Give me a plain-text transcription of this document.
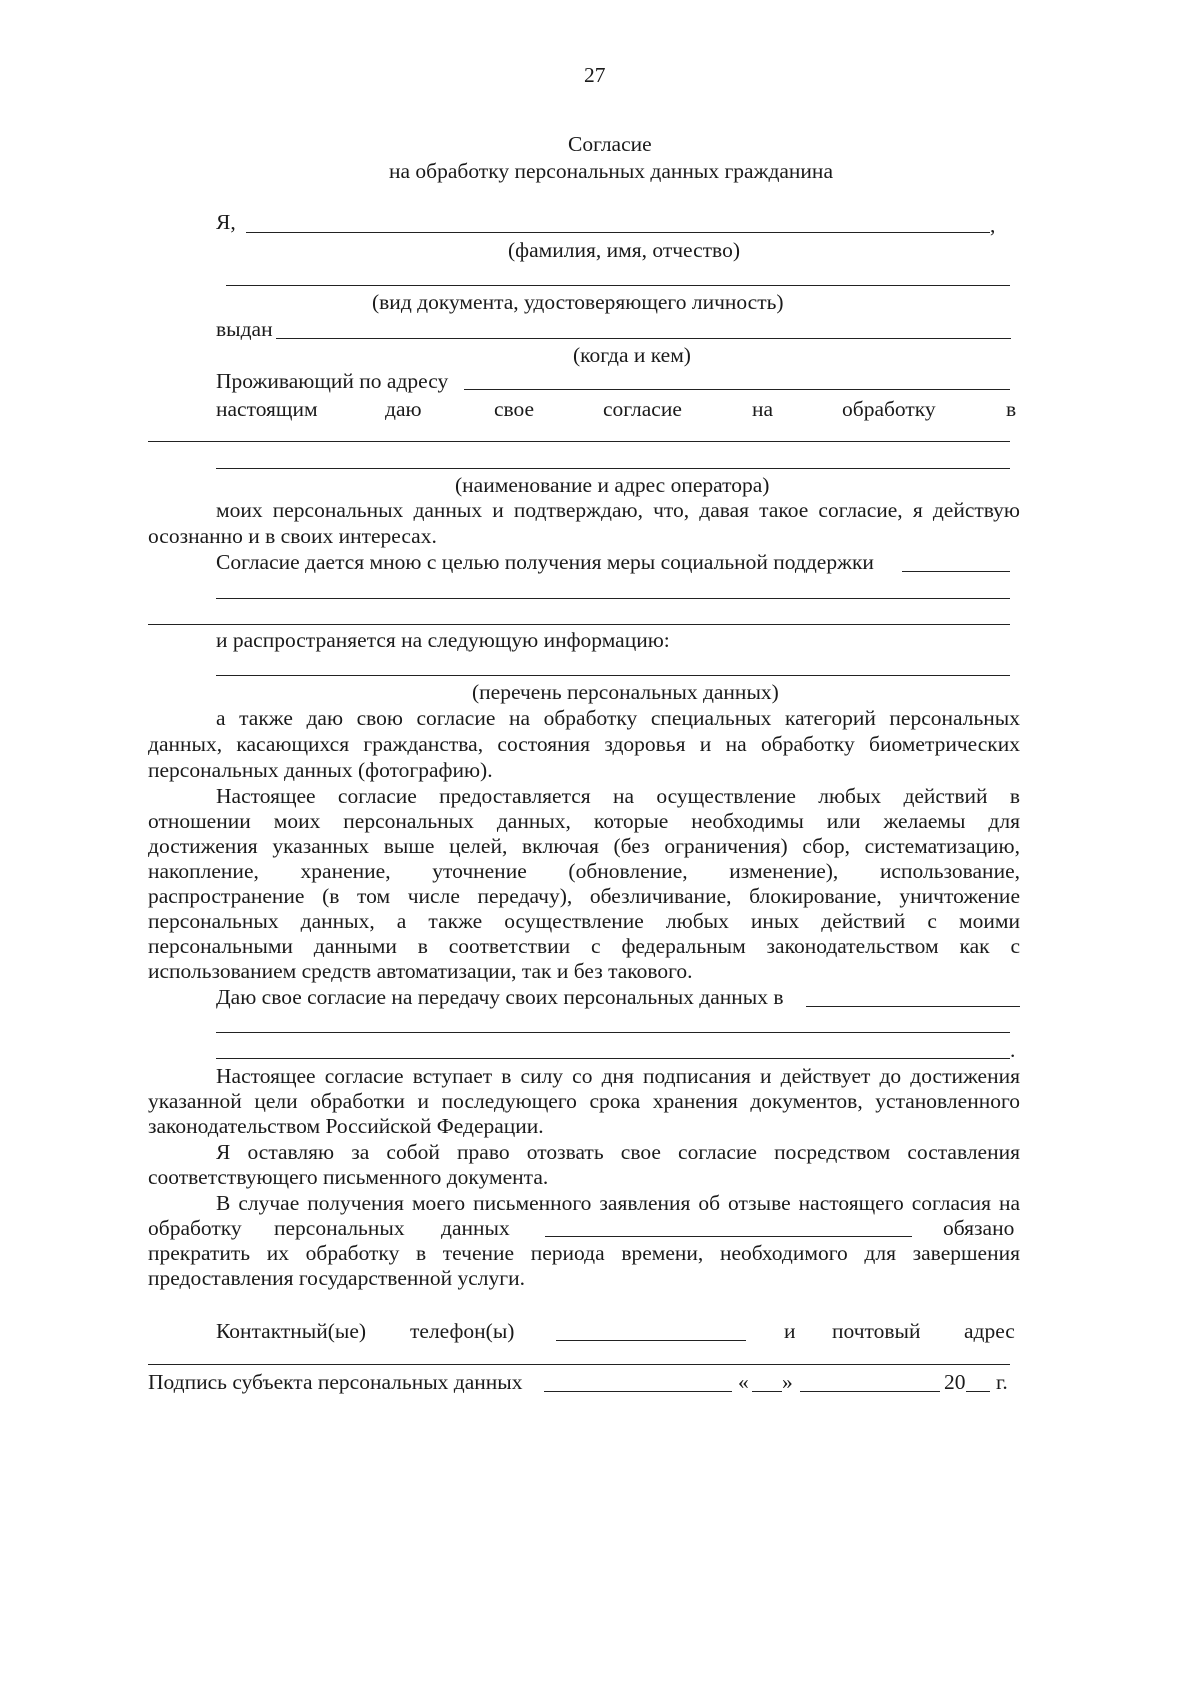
27
Согласие
на обработку персональных данных гражданина
Я,	,
(фамилия, имя, отчество)
(вид документа, удостоверяющего личность)
выдан
(когда и кем)
Проживающий по адресу
настоящим	даю	свое	согласие	на	обработку	в
(наименование и адрес оператора)
моих персональных данных и подтверждаю, что, давая такое согласие, я действую
осознанно и в своих интересах.
Согласие дается мною с целью получения меры социальной поддержки
и распространяется на следующую информацию:
(перечень персональных данных)
а также даю свою согласие на обработку специальных категорий персональных
данных, касающихся гражданства, состояния здоровья и на обработку биометрических
персональных данных (фотографию).
Настоящее согласие предоставляется на осуществление любых действий в
отношении моих персональных данных, которые необходимы или желаемы для
достижения указанных выше целей, включая (без ограничения) сбор, систематизацию,
накопление, хранение, уточнение (обновление, изменение), использование,
распространение (в том числе передачу), обезличивание, блокирование, уничтожение
персональных данных, а также осуществление любых иных действий с моими
персональными данными в соответствии с федеральным законодательством как с
использованием средств автоматизации, так и без такового.
Даю свое согласие на передачу своих персональных данных в
.
Настоящее согласие вступает в силу со дня подписания и действует до достижения
указанной цели обработки и последующего срока хранения документов, установленного
законодательством Российской Федерации.
Я оставляю за собой право отозвать свое согласие посредством составления
соответствующего письменного документа.
В случае получения моего письменного заявления об отзыве настоящего согласия на
обработку персональных данных	обязано
прекратить их обработку в течение периода времени, необходимого для завершения
предоставления государственной услуги.
Контактный(ые) телефон(ы)	и почтовый адрес
Подпись субъекта персональных данных	« »	20 г.
